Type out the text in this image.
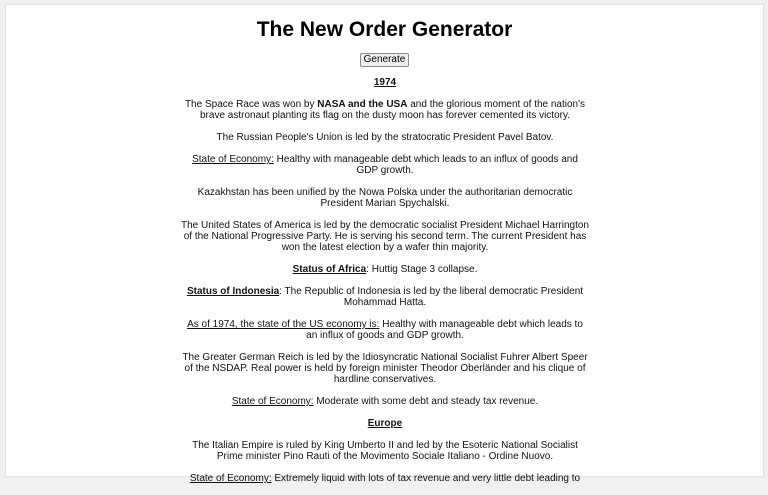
The New Order Generator
Generate

1974

The Space Race was won by NASA and the USA and the glorious moment of the nation's brave astronaut planting its flag on the dusty moon has forever cemented its victory.

The Russian People's Union is led by the stratocratic President Pavel Batov.

State of Economy: Healthy with manageable debt which leads to an influx of goods and GDP growth.

Kazakhstan has been unified by the Nowa Polska under the authoritarian democratic President Marian Spychalski.

The United States of America is led by the democratic socialist President Michael Harrington of the National Progressive Party. He is serving his second term. The current President has won the latest election by a wafer thin majority.

Status of Africa: Huttig Stage 3 collapse.

Status of Indonesia: The Republic of Indonesia is led by the liberal democratic President Mohammad Hatta.

As of 1974, the state of the US economy is: Healthy with manageable debt which leads to an influx of goods and GDP growth.

The Greater German Reich is led by the Idiosyncratic National Socialist Fuhrer Albert Speer of the NSDAP. Real power is held by foreign minister Theodor Oberländer and his clique of hardline conservatives.

State of Economy: Moderate with some debt and steady tax revenue.

Europe

The Italian Empire is ruled by King Umberto II and led by the Esoteric National Socialist Prime minister Pino Rauti of the Movimento Sociale Italiano - Ordine Nuovo.

State of Economy: Extremely liquid with lots of tax revenue and very little debt leading to
